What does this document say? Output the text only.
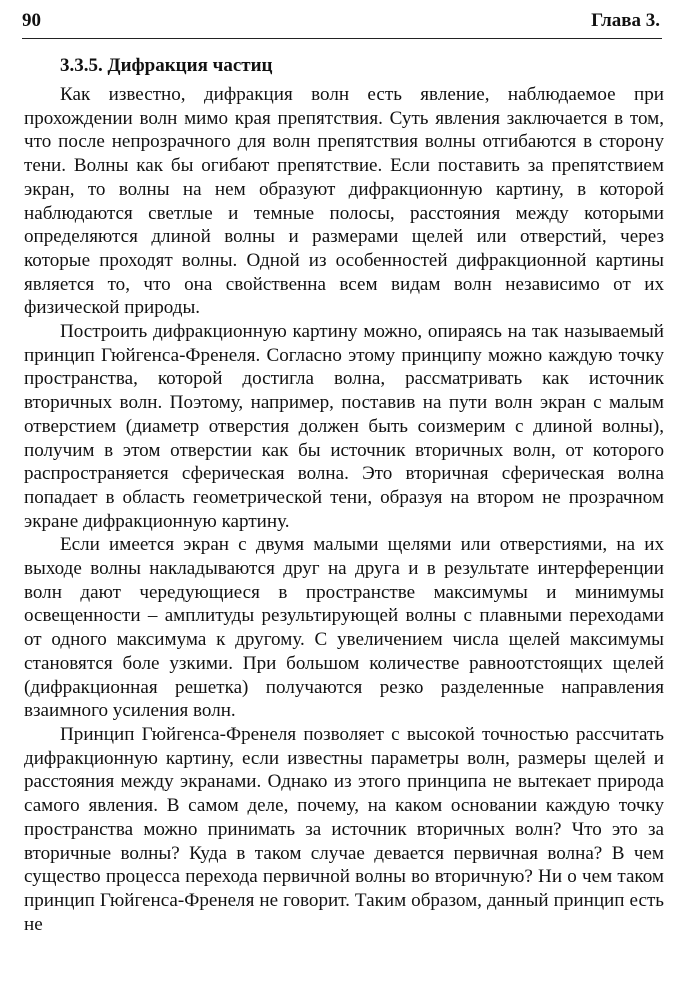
90	Глава 3.
3.3.5. Дифракция частиц

Как известно, дифракция волн есть явление, наблюдаемое при прохождении волн мимо края препятствия. Суть явления заключается в том, что после непрозрачного для волн препятствия волны отгибаются в сторону тени. Волны как бы огибают препятствие. Если поставить за препятствием экран, то волны на нем образуют дифракционную картину, в которой наблюдаются светлые и темные полосы, расстояния между которыми определяются длиной волны и размерами щелей или отверстий, через которые проходят волны. Одной из особенностей дифракционной картины является то, что она свойственна всем видам волн независимо от их физической природы.

Построить дифракционную картину можно, опираясь на так называемый принцип Гюйгенса-Френеля. Согласно этому принципу можно каждую точку пространства, которой достигла волна, рассматривать как источник вторичных волн. Поэтому, например, поставив на пути волн экран с малым отверстием (диаметр отверстия должен быть соизмерим с длиной волны), получим в этом отверстии как бы источник вторичных волн, от которого распространяется сферическая волна. Это вторичная сферическая волна попадает в область геометрической тени, образуя на втором не прозрачном экране дифракционную картину.

Если имеется экран с двумя малыми щелями или отверстиями, на их выходе волны накладываются друг на друга и в результате интерференции волн дают чередующиеся в пространстве максимумы и минимумы освещенности – амплитуды результирующей волны с плавными переходами от одного максимума к другому. С увеличением числа щелей максимумы становятся боле узкими. При большом количестве равноотстоящих щелей (дифракционная решетка) получаются резко разделенные направления взаимного усиления волн.

Принцип Гюйгенса-Френеля позволяет с высокой точностью рассчитать дифракционную картину, если известны параметры волн, размеры щелей и расстояния между экранами. Однако из этого принципа не вытекает природа самого явления. В самом деле, почему, на каком основании каждую точку пространства можно принимать за источник вторичных волн? Что это за вторичные волны? Куда в таком случае девается первичная волна? В чем существо процесса перехода первичной волны во вторичную? Ни о чем таком принцип Гюйгенса-Френеля не говорит. Таким образом, данный принцип есть не
